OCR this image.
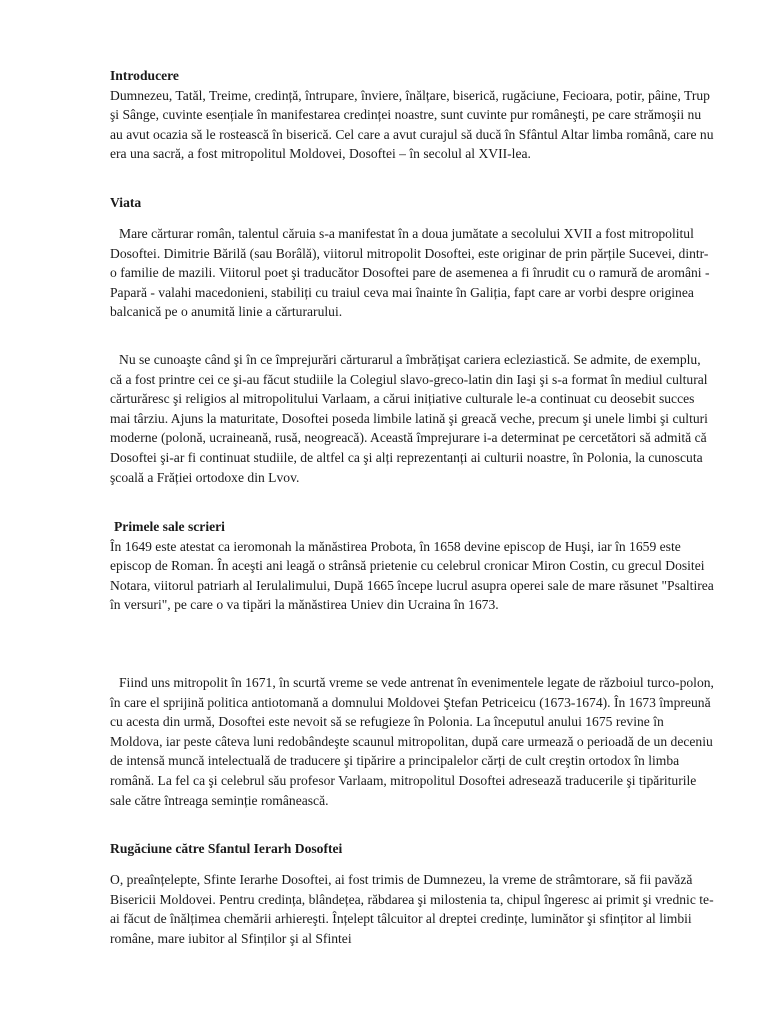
Introducere
Dumnezeu, Tatăl, Treime, credință, întrupare, înviere, înălțare, biserică, rugăciune, Fecioara, potir, pâine, Trup şi Sânge, cuvinte esențiale în manifestarea credinței noastre, sunt cuvinte pur româneşti, pe care strămoşii nu au avut ocazia să le rostească în biserică. Cel care a avut curajul să ducă în Sfântul Altar limba română, care nu era una sacră, a fost mitropolitul Moldovei, Dosoftei – în secolul al XVII-lea.
Viata
Mare cărturar român, talentul căruia s-a manifestat în a doua jumătate a secolului XVII a fost mitropolitul Dosoftei. Dimitrie Bărilă (sau Borâlă), viitorul mitropolit Dosoftei, este originar de prin părțile Sucevei, dintr-o familie de mazili. Viitorul poet şi traducător Dosoftei pare de asemenea a fi înrudit cu o ramură de aromâni - Papară - valahi macedonieni, stabiliți cu traiul ceva mai înainte în Galiția, fapt care ar vorbi despre originea balcanică pe o anumită linie a cărturarului.
Nu se cunoaşte când şi în ce împrejurări cărturarul a îmbrățişat cariera ecleziastică. Se admite, de exemplu, că a fost printre cei ce şi-au făcut studiile la Colegiul slavo-greco-latin din Iaşi şi s-a format în mediul cultural cărturăresc şi religios al mitropolitului Varlaam, a cărui inițiative culturale le-a continuat cu deosebit succes mai târziu. Ajuns la maturitate, Dosoftei poseda limbile latină şi greacă veche, precum şi unele limbi şi culturi moderne (polonă, ucraineană, rusă, neogreacă). Această împrejurare i-a determinat pe cercetători să admită că Dosoftei şi-ar fi continuat studiile, de altfel ca şi alți reprezentanți ai culturii noastre, în Polonia, la cunoscuta şcoală a Frăției ortodoxe din Lvov.
Primele sale scrieri
În 1649 este atestat ca ieromonah la mănăstirea Probota, în 1658 devine episcop de Huşi, iar în 1659 este episcop de Roman. În aceşti ani leagă o strânsă prietenie cu celebrul cronicar Miron Costin, cu grecul Dositei Notara, viitorul patriarh al Ierulalimului, După 1665 începe lucrul asupra operei sale de mare răsunet "Psaltirea în versuri", pe care o va tipări la mănăstirea Uniev din Ucraina în 1673.
Fiind uns mitropolit în 1671, în scurtă vreme se vede antrenat în evenimentele legate de războiul turco-polon, în care el sprijină politica antiotomană a domnului Moldovei Ştefan Petriceicu (1673-1674). În 1673 împreună cu acesta din urmă, Dosoftei este nevoit să se refugieze în Polonia. La începutul anului 1675 revine în Moldova, iar peste câteva luni redobândeşte scaunul mitropolitan, după care urmează o perioadă de un deceniu de intensă muncă intelectuală de traducere şi tipărire a principalelor cărți de cult creştin ortodox în limba română. La fel ca şi celebrul său profesor Varlaam, mitropolitul Dosoftei adresează traducerile şi tipăriturile sale către întreaga seminție românească.
Rugăciune către Sfantul Ierarh Dosoftei
O, preaînțelepte, Sfinte Ierarhe Dosoftei, ai fost trimis de Dumnezeu, la vreme de strâmtorare, să fii pavăză Bisericii Moldovei. Pentru credința, blândețea, răbdarea şi milostenia ta, chipul îngeresc ai primit şi vrednic te-ai făcut de înălțimea chemării arhiereşti. Înțelept tâlcuitor al dreptei credințe, luminător şi sfințitor al limbii române, mare iubitor al Sfinților şi al Sfintei
